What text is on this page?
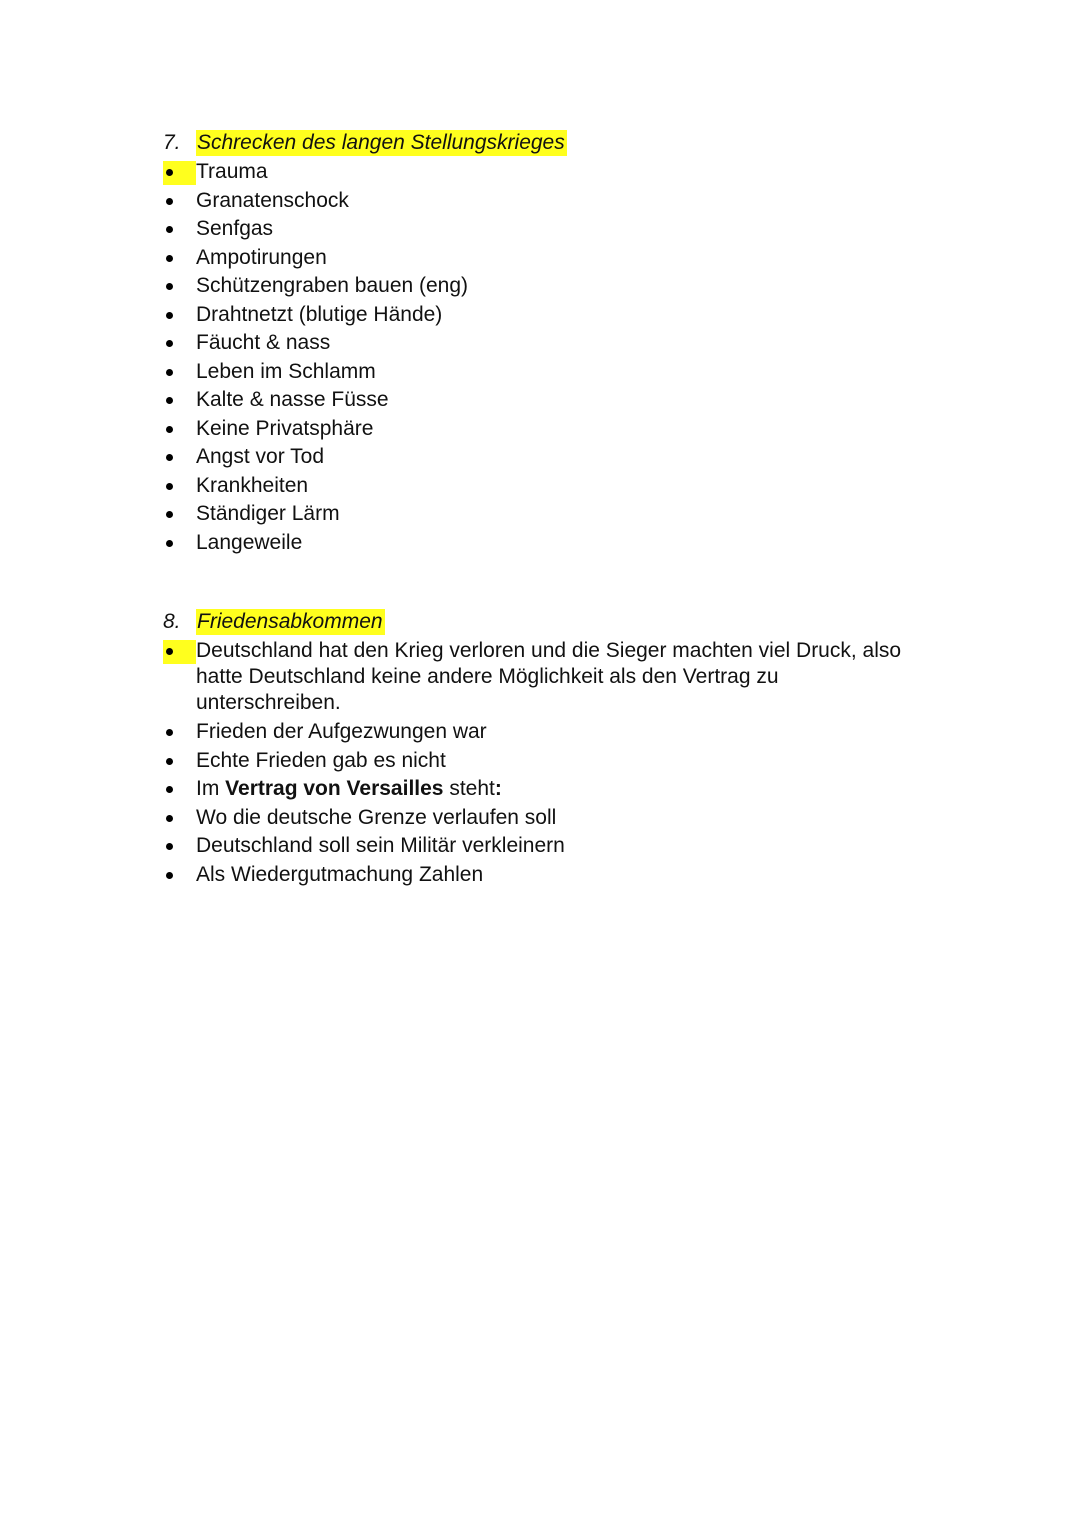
7. Schrecken des langen Stellungskrieges
Trauma
Granatenschock
Senfgas
Ampotirungen
Schützengraben bauen (eng)
Drahtnetzt (blutige Hände)
Fäucht & nass
Leben im Schlamm
Kalte & nasse Füsse
Keine Privatsphäre
Angst vor Tod
Krankheiten
Ständiger Lärm
Langeweile
8. Friedensabkommen
Deutschland hat den Krieg verloren und die Sieger machten viel Druck, also
hatte Deutschland keine andere Möglichkeit als den Vertrag zu
unterschreiben.
Frieden der Aufgezwungen war
Echte Frieden gab es nicht
Im Vertrag von Versailles steht:
Wo die deutsche Grenze verlaufen soll
Deutschland soll sein Militär verkleinern
Als Wiedergutmachung Zahlen
